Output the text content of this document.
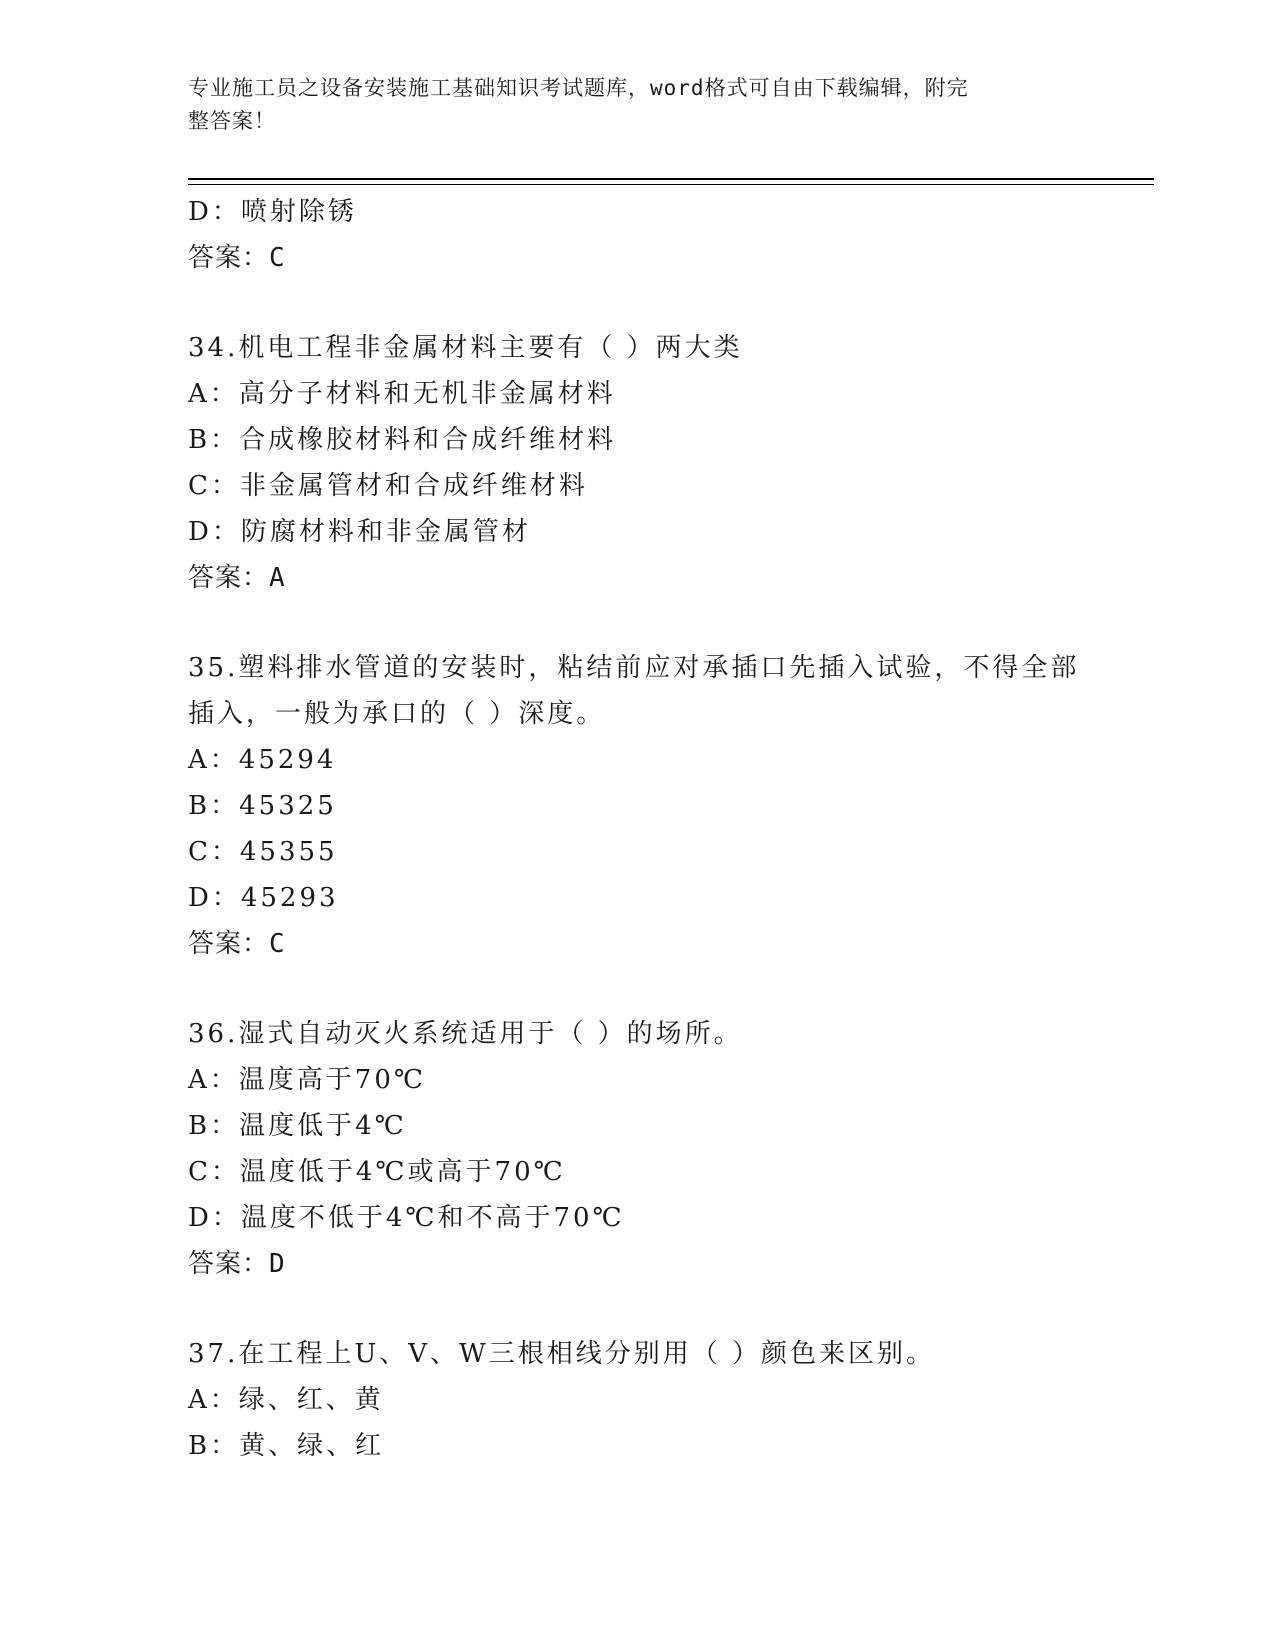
专业施工员之设备安装施工基础知识考试题库，word格式可自由下载编辑，附完
整答案！
D：喷射除锈
答案：C
34.机电工程非金属材料主要有（ ）两大类
A：高分子材料和无机非金属材料
B：合成橡胶材料和合成纤维材料
C：非金属管材和合成纤维材料
D：防腐材料和非金属管材
答案：A
35.塑料排水管道的安装时，粘结前应对承插口先插入试验，不得全部
插入，一般为承口的（ ）深度。
A：45294
B：45325
C：45355
D：45293
答案：C
36.湿式自动灭火系统适用于（ ）的场所。
A：温度高于70℃
B：温度低于4℃
C：温度低于4℃或高于70℃
D：温度不低于4℃和不高于70℃
答案：D
37.在工程上U、V、W三根相线分别用（ ）颜色来区别。
A：绿、红、黄
B：黄、绿、红
